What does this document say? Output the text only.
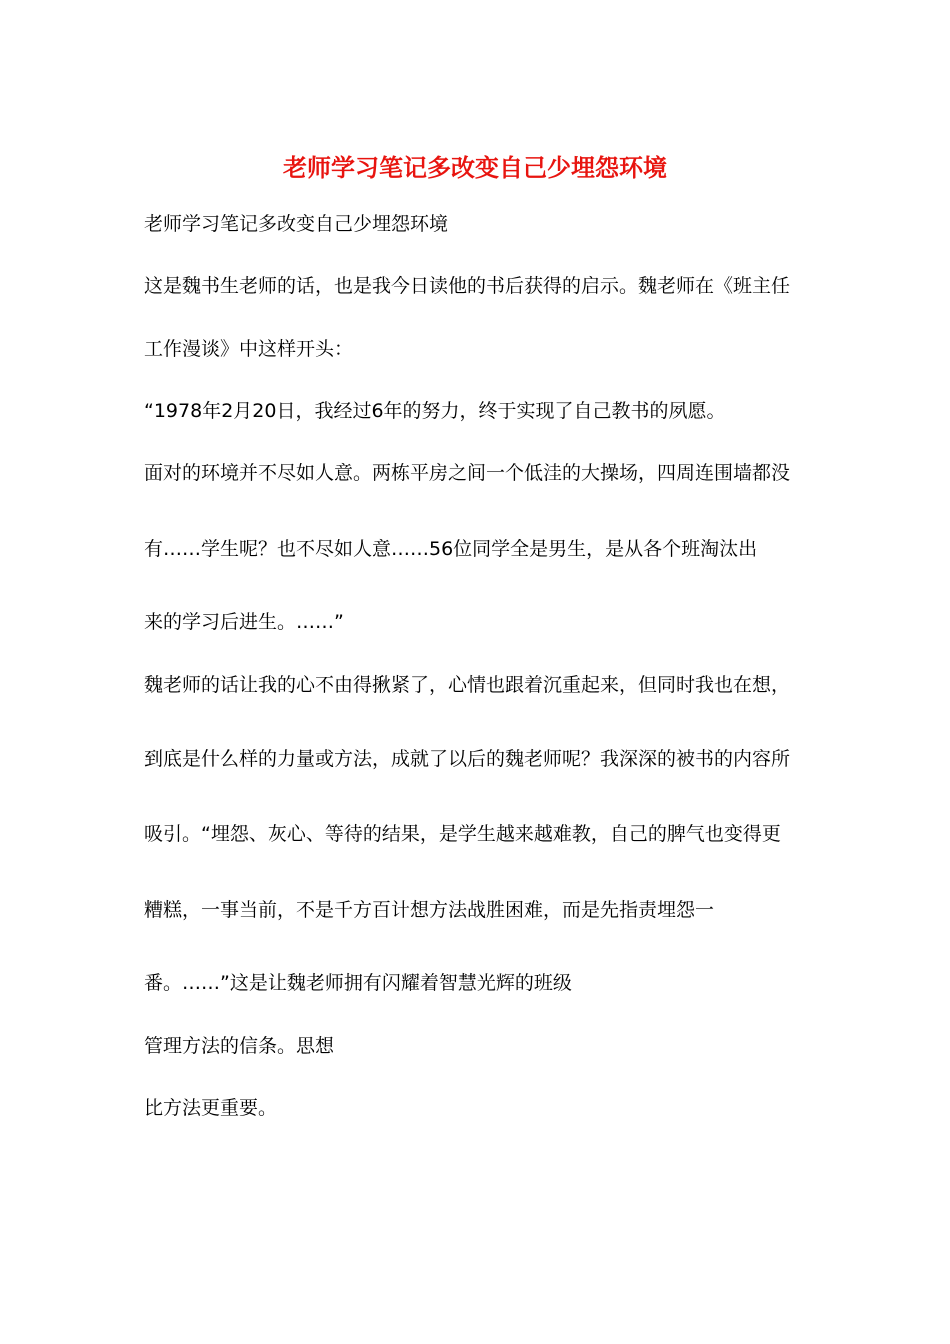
老师学习笔记多改变自己少埋怨环境
老师学习笔记多改变自己少埋怨环境
这是魏书生老师的话，也是我今日读他的书后获得的启示。魏老师在《班主任
工作漫谈》中这样开头：
“1978年2月20日，我经过6年的努力，终于实现了自己教书的夙愿。
面对的环境并不尽如人意。两栋平房之间一个低洼的大操场，四周连围墙都没
有……学生呢？也不尽如人意……56位同学全是男生，是从各个班淘汰出
来的学习后进生。……”
魏老师的话让我的心不由得揪紧了，心情也跟着沉重起来，但同时我也在想，
到底是什么样的力量或方法，成就了以后的魏老师呢？我深深的被书的内容所
吸引。“埋怨、灰心、等待的结果，是学生越来越难教，自己的脾气也变得更
糟糕，一事当前，不是千方百计想方法战胜困难，而是先指责埋怨一
番。……”这是让魏老师拥有闪耀着智慧光辉的班级
管理方法的信条。思想
比方法更重要。
